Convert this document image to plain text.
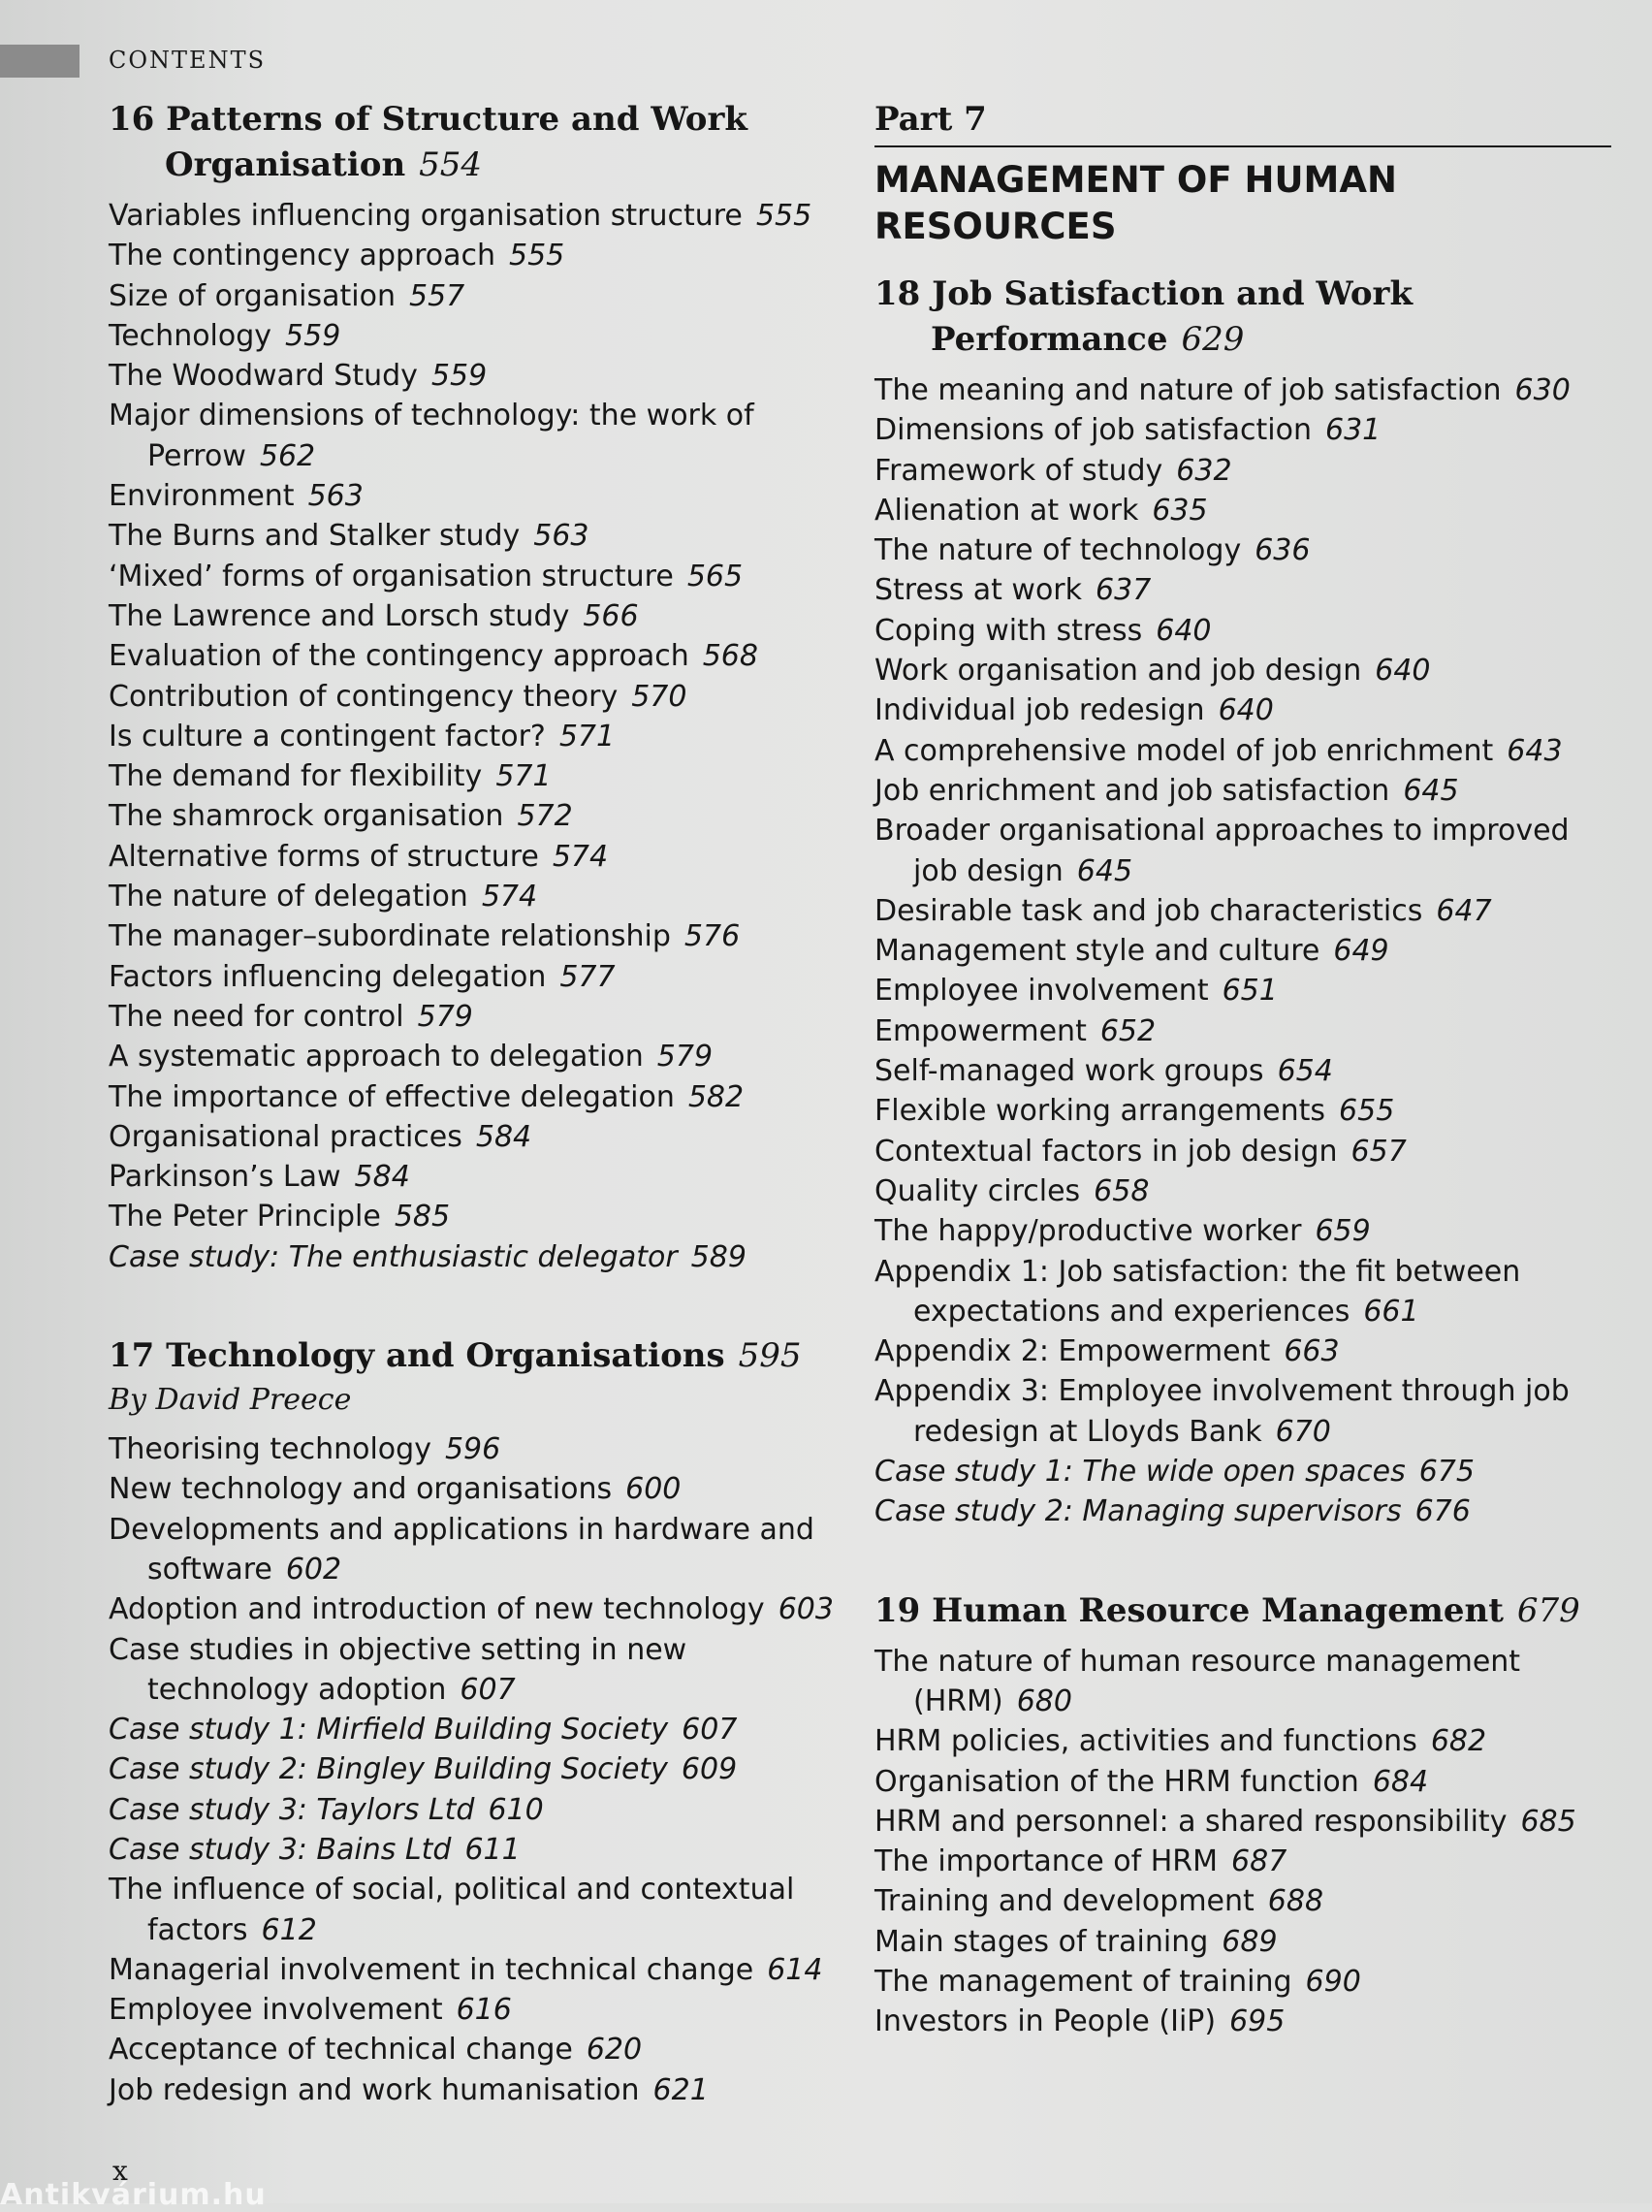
CONTENTS
16 Patterns of Structure and Work Organisation 554
Variables influencing organisation structure 555
The contingency approach 555
Size of organisation 557
Technology 559
The Woodward Study 559
Major dimensions of technology: the work of Perrow 562
Environment 563
The Burns and Stalker study 563
‘Mixed’ forms of organisation structure 565
The Lawrence and Lorsch study 566
Evaluation of the contingency approach 568
Contribution of contingency theory 570
Is culture a contingent factor? 571
The demand for flexibility 571
The shamrock organisation 572
Alternative forms of structure 574
The nature of delegation 574
The manager–subordinate relationship 576
Factors influencing delegation 577
The need for control 579
A systematic approach to delegation 579
The importance of effective delegation 582
Organisational practices 584
Parkinson’s Law 584
The Peter Principle 585
Case study: The enthusiastic delegator 589
17 Technology and Organisations 595
By David Preece
Theorising technology 596
New technology and organisations 600
Developments and applications in hardware and software 602
Adoption and introduction of new technology 603
Case studies in objective setting in new technology adoption 607
Case study 1: Mirfield Building Society 607
Case study 2: Bingley Building Society 609
Case study 3: Taylors Ltd 610
Case study 3: Bains Ltd 611
The influence of social, political and contextual factors 612
Managerial involvement in technical change 614
Employee involvement 616
Acceptance of technical change 620
Job redesign and work humanisation 621
Part 7
MANAGEMENT OF HUMAN RESOURCES
18 Job Satisfaction and Work Performance 629
The meaning and nature of job satisfaction 630
Dimensions of job satisfaction 631
Framework of study 632
Alienation at work 635
The nature of technology 636
Stress at work 637
Coping with stress 640
Work organisation and job design 640
Individual job redesign 640
A comprehensive model of job enrichment 643
Job enrichment and job satisfaction 645
Broader organisational approaches to improved job design 645
Desirable task and job characteristics 647
Management style and culture 649
Employee involvement 651
Empowerment 652
Self-managed work groups 654
Flexible working arrangements 655
Contextual factors in job design 657
Quality circles 658
The happy/productive worker 659
Appendix 1: Job satisfaction: the fit between expectations and experiences 661
Appendix 2: Empowerment 663
Appendix 3: Employee involvement through job redesign at Lloyds Bank 670
Case study 1: The wide open spaces 675
Case study 2: Managing supervisors 676
19 Human Resource Management 679
The nature of human resource management (HRM) 680
HRM policies, activities and functions 682
Organisation of the HRM function 684
HRM and personnel: a shared responsibility 685
The importance of HRM 687
Training and development 688
Main stages of training 689
The management of training 690
Investors in People (IiP) 695
x
Antikvárium.hu
